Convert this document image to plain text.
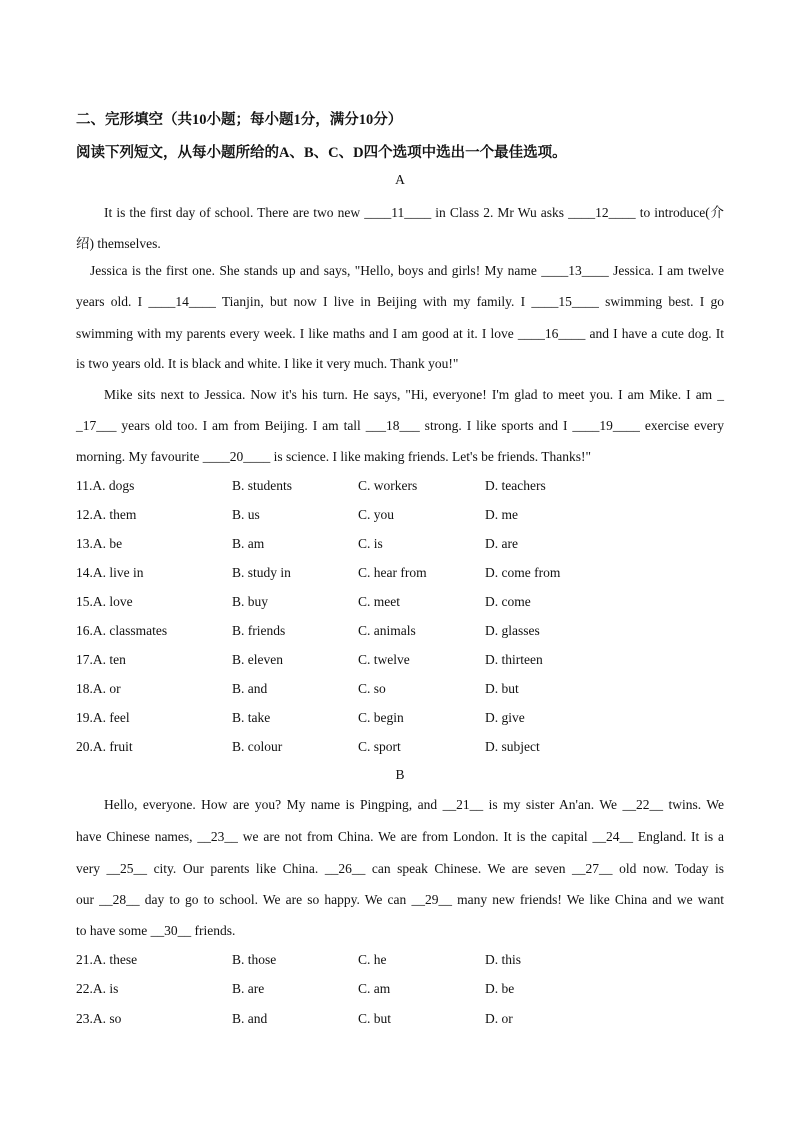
二、完形填空（共10小题；每小题1分，满分10分）
阅读下列短文，从每小题所给的A、B、C、D四个选项中选出一个最佳选项。
A
It is the first day of school. There are two new ____11____ in Class 2. Mr Wu asks ____12____ to introduce(介
绍) themselves.
Jessica is the first one. She stands up and says, "Hello, boys and girls! My name ____13____ Jessica. I am twelve
years old. I ____14____ Tianjin, but now I live in Beijing with my family. I ____15____ swimming best. I go
swimming with my parents every week. I like maths and I am good at it. I love ____16____ and I have a cute dog. It
is two years old. It is black and white. I like it very much. Thank you!"
Mike sits next to Jessica. Now it's his turn. He says, "Hi, everyone! I'm glad to meet you. I am Mike. I am _
_17___ years old too. I am from Beijing. I am tall ___18___ strong. I like sports and I ____19____ exercise every
morning. My favourite ____20____ is science. I like making friends. Let's be friends. Thanks!"
11.A. dogs	B. students	C. workers	D. teachers
12.A. them	B. us	C. you	D. me
13.A. be	B. am	C. is	D. are
14.A. live in	B. study in	C. hear from	D. come from
15.A. love	B. buy	C. meet	D. come
16.A. classmates	B. friends	C. animals	D. glasses
17.A. ten	B. eleven	C. twelve	D. thirteen
18.A. or	B. and	C. so	D. but
19.A. feel	B. take	C. begin	D. give
20.A. fruit	B. colour	C. sport	D. subject
B
Hello, everyone. How are you? My name is Pingping, and __21__ is my sister An'an. We __22__ twins. We
have Chinese names, __23__ we are not from China. We are from London. It is the capital __24__ England. It is a
very __25__ city. Our parents like China. __26__ can speak Chinese. We are seven __27__ old now. Today is
our __28__ day to go to school. We are so happy. We can __29__ many new friends! We like China and we want
to have some __30__ friends.
21.A. these	B. those	C. he	D. this
22.A. is	B. are	C. am	D. be
23.A. so	B. and	C. but	D. or
